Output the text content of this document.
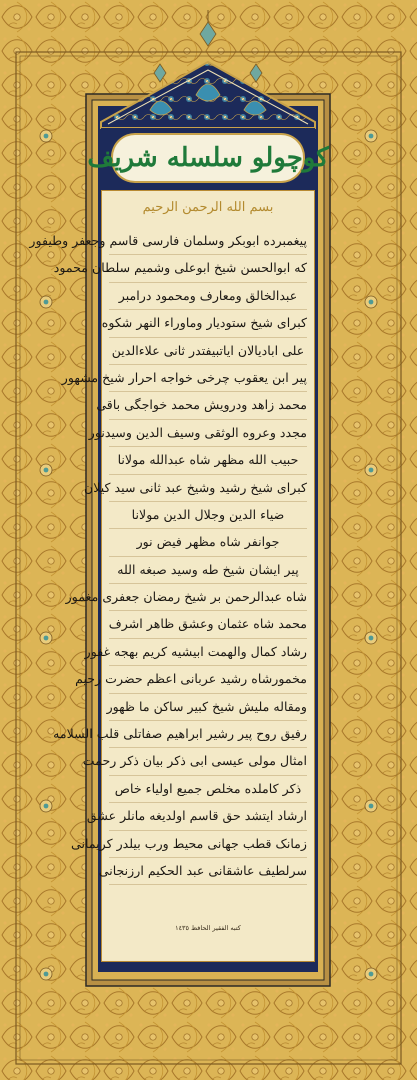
كوچولو سلسله شریف
بسم الله الرحمن الرحیم
پیغمبرده ابوبکر وسلمان فارسی قاسم وجعفر وطیفور
که ابوالحسن شیخ ابوعلی وشمیم سلطان محمود
عبدالخالق ومعارف ومحمود درامبر
کبرای شیخ ستودیار وماوراء النهر شکوه
علی ابادیالان ایاتبیفتدر ثانی علاءالدین
پیر ابن یعقوب چرخی خواجه احرار شیخ مشهور
محمد زاهد ودرویش محمد خواجگی باقی
مجدد وعروه الوثقی وسیف الدین وسیدنور
حبیب الله مظهر شاه عبدالله مولانا
کبرای شیخ رشید وشیخ عبد ثانی سید کیلان
ضیاء الدین وجلال الدین مولانا
جوانفر شاه مظهر فیض نور
پیر ایشان شیخ طه وسید صبغه الله
شاه عبدالرحمن بر شیخ رمضان جعفری مغمور
محمد شاه عثمان وعشق ظاهر اشرف
رشاد کمال والهمت ابیشیه کریم بهجه غفور
مخمورشاه رشید عربانی اعظم حضرت رحیم
ومقاله ملیش شیخ کبیر ساکن ما ظهور
رفیق روح پیر رشیر ابراهیم صفاتلی قلب السلامه
امثال مولی عیسی ابی ذکر بیان ذکر رحمت
ذکر کاملده مخلص جمیع اولیاء خاص
ارشاد ایتشد حق قاسم اولدیغه مانلر عشق
زمانک قطب جهانی محیط ورب بیلدر کریمانی
سرلطیف عاشقانی عبد الحکیم ارزنجانی
کتبه الفقیر الحافظ ١٤٣٥
